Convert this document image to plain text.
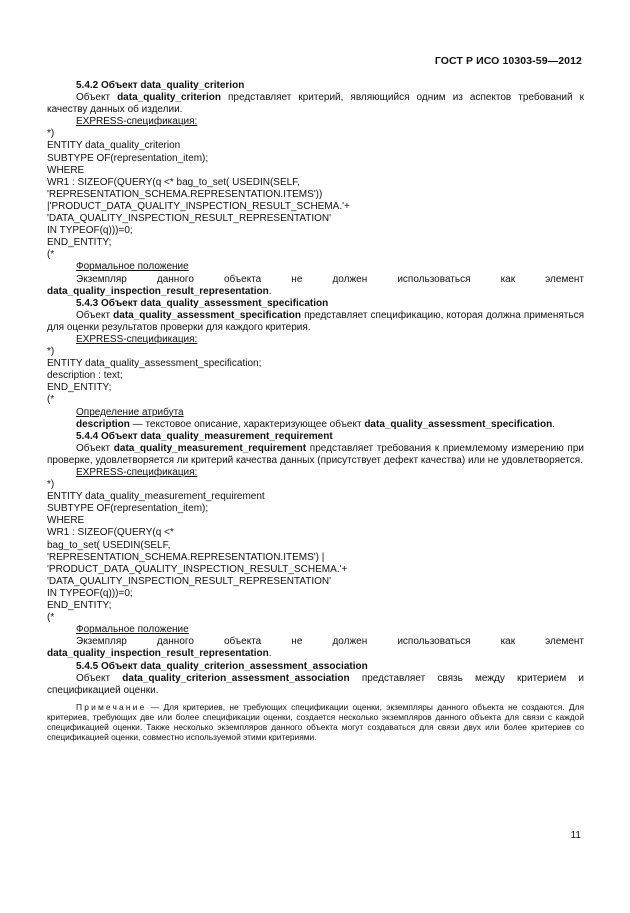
ГОСТ Р ИСО 10303-59—2012
5.4.2 Объект data_quality_criterion
Объект data_quality_criterion представляет критерий, являющийся одним из аспектов требований к качеству данных об изделии.
EXPRESS-спецификация:
*)
ENTITY data_quality_criterion
SUBTYPE OF(representation_item);
WHERE
WR1 : SIZEOF(QUERY(q <* bag_to_set( USEDIN(SELF,
'REPRESENTATION_SCHEMA.REPRESENTATION.ITEMS'))
|'PRODUCT_DATA_QUALITY_INSPECTION_RESULT_SCHEMA.'+
'DATA_QUALITY_INSPECTION_RESULT_REPRESENTATION'
IN TYPEOF(q)))=0;
END_ENTITY;
(*
Формальное положение
Экземпляр данного объекта не должен использоваться как элемент data_quality_inspection_result_representation.
5.4.3 Объект data_quality_assessment_specification
Объект data_quality_assessment_specification представляет спецификацию, которая должна применяться для оценки результатов проверки для каждого критерия.
EXPRESS-спецификация:
*)
ENTITY data_quality_assessment_specification;
description : text;
END_ENTITY;
(*
Определение атрибута
description — текстовое описание, характеризующее объект data_quality_assessment_specification.
5.4.4 Объект data_quality_measurement_requirement
Объект data_quality_measurement_requirement представляет требования к приемлемому измерению при проверке, удовлетворяется ли критерий качества данных (присутствует дефект качества) или не удовлетворяется.
EXPRESS-спецификация:
*)
ENTITY data_quality_measurement_requirement
SUBTYPE OF(representation_item);
WHERE
WR1 : SIZEOF(QUERY(q <*
bag_to_set( USEDIN(SELF,
'REPRESENTATION_SCHEMA.REPRESENTATION.ITEMS') |
'PRODUCT_DATA_QUALITY_INSPECTION_RESULT_SCHEMA.'+
'DATA_QUALITY_INSPECTION_RESULT_REPRESENTATION'
IN TYPEOF(q)))=0;
END_ENTITY;
(*
Формальное положение
Экземпляр данного объекта не должен использоваться как элемент data_quality_inspection_result_representation.
5.4.5 Объект data_quality_criterion_assessment_association
Объект data_quality_criterion_assessment_association представляет связь между критерием и спецификацией оценки.
Примечание — Для критериев, не требующих спецификации оценки, экземпляры данного объекта не создаются. Для критериев, требующих две или более спецификации оценки, создается несколько экземпляров данного объекта для связи с каждой спецификацией оценки. Также несколько экземпляров данного объекта могут создаваться для связи двух или более критериев со спецификацией оценки, совместно используемой этими критериями.
11
